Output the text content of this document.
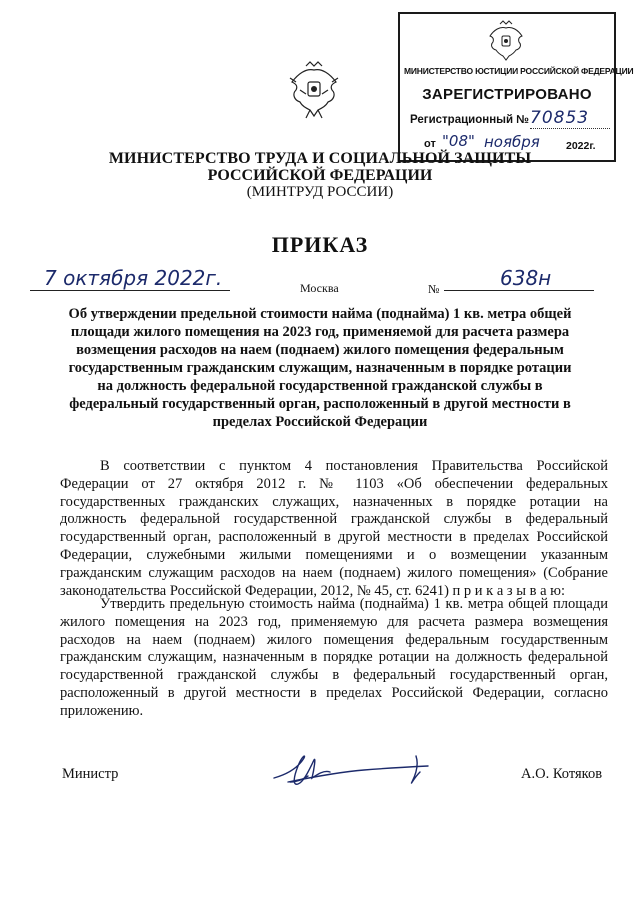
МИНИСТЕРСТВО ЮСТИЦИИ РОССИЙСКОЙ ФЕДЕРАЦИИ
ЗАРЕГИСТРИРОВАНО
Регистрационный № 70853
от "08" ноября 2022г.
МИНИСТЕРСТВО ТРУДА И СОЦИАЛЬНОЙ ЗАЩИТЫ
РОССИЙСКОЙ ФЕДЕРАЦИИ
(МИНТРУД РОССИИ)
ПРИКАЗ
7 октября 2022г.	Москва	№	638н
Об утверждении предельной стоимости найма (поднайма) 1 кв. метра общей площади жилого помещения на 2023 год, применяемой для расчета размера возмещения расходов на наем (поднаем) жилого помещения федеральным государственным гражданским служащим, назначенным в порядке ротации на должность федеральной государственной гражданской службы в федеральный государственный орган, расположенный в другой местности в пределах Российской Федерации
В соответствии с пунктом 4 постановления Правительства Российской Федерации от 27 октября 2012 г. № 1103 «Об обеспечении федеральных государственных гражданских служащих, назначенных в порядке ротации на должность федеральной государственной гражданской службы в федеральный государственный орган, расположенный в другой местности в пределах Российской Федерации, служебными жилыми помещениями и о возмещении указанным гражданским служащим расходов на наем (поднаем) жилого помещения» (Собрание законодательства Российской Федерации, 2012, № 45, ст. 6241) п р и к а з ы в а ю:
Утвердить предельную стоимость найма (поднайма) 1 кв. метра общей площади жилого помещения на 2023 год, применяемую для расчета размера возмещения расходов на наем (поднаем) жилого помещения федеральным государственным гражданским служащим, назначенным в порядке ротации на должность федеральной государственной гражданской службы в федеральный государственный орган, расположенный в другой местности в пределах Российской Федерации, согласно приложению.
Министр	А.О. Котяков
